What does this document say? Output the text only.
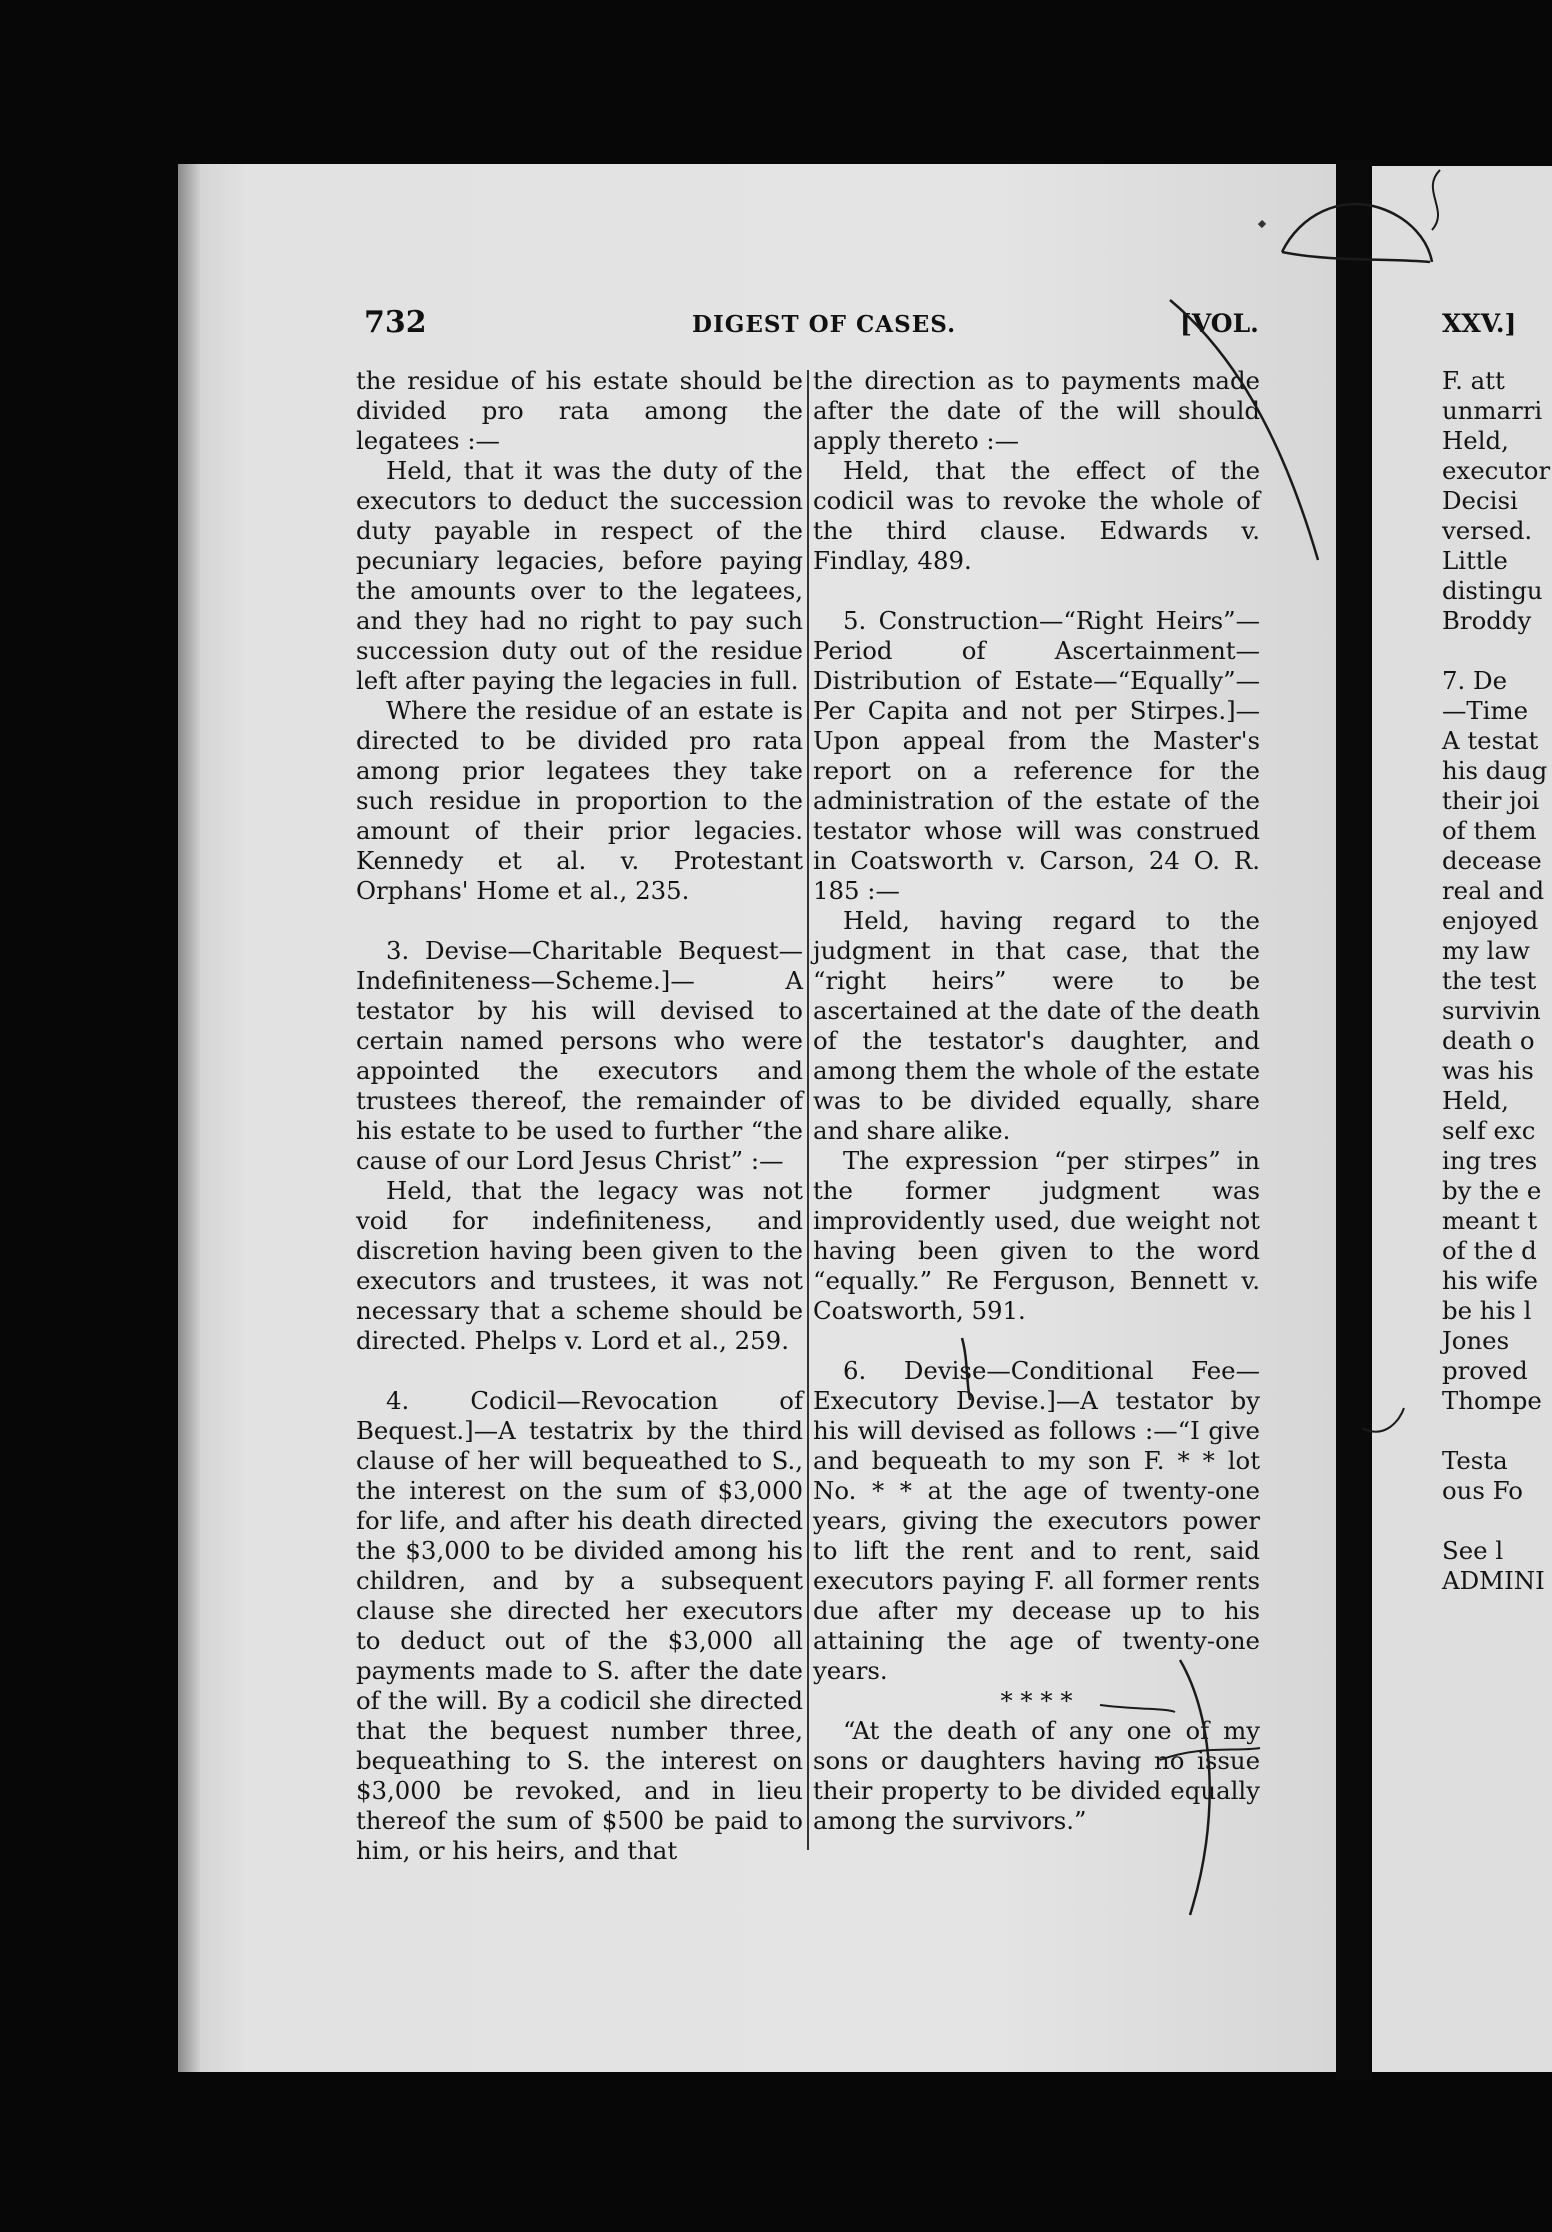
732	DIGEST OF CASES.	[VOL.	XXV.]

the residue of his estate should be divided pro rata among the legatees :—

Held, that it was the duty of the executors to deduct the succession duty payable in respect of the pecuniary legacies, before paying the amounts over to the legatees, and they had no right to pay such succession duty out of the residue left after paying the legacies in full.

Where the residue of an estate is directed to be divided pro rata among prior legatees they take such residue in proportion to the amount of their prior legacies. Kennedy et al. v. Protestant Orphans' Home et al., 235.

3. Devise—Charitable Bequest—Indefiniteness—Scheme.]— A testator by his will devised to certain named persons who were appointed the executors and trustees thereof, the remainder of his estate to be used to further “the cause of our Lord Jesus Christ” :—

Held, that the legacy was not void for indefiniteness, and discretion having been given to the executors and trustees, it was not necessary that a scheme should be directed. Phelps v. Lord et al., 259.

4. Codicil—Revocation of Bequest.]—A testatrix by the third clause of her will bequeathed to S., the interest on the sum of $3,000 for life, and after his death directed the $3,000 to be divided among his children, and by a subsequent clause she directed her executors to deduct out of the $3,000 all payments made to S. after the date of the will. By a codicil she directed that the bequest number three, bequeathing to S. the interest on $3,000 be revoked, and in lieu thereof the sum of $500 be paid to him, or his heirs, and that

the direction as to payments made after the date of the will should apply thereto :—

Held, that the effect of the codicil was to revoke the whole of the third clause. Edwards v. Findlay, 489.

5. Construction—“Right Heirs”—Period of Ascertainment—Distribution of Estate—“Equally”—Per Capita and not per Stirpes.]—Upon appeal from the Master's report on a reference for the administration of the estate of the testator whose will was construed in Coatsworth v. Carson, 24 O. R. 185 :—

Held, having regard to the judgment in that case, that the “right heirs” were to be ascertained at the date of the death of the testator's daughter, and among them the whole of the estate was to be divided equally, share and share alike.

The expression “per stirpes” in the former judgment was improvidently used, due weight not having been given to the word “equally.” Re Ferguson, Bennett v. Coatsworth, 591.

6. Devise—Conditional Fee—Executory Devise.]—A testator by his will devised as follows :—“I give and bequeath to my son F. * * lot No. * * at the age of twenty-one years, giving the executors power to lift the rent and to rent, said executors paying F. all former rents due after my decease up to his attaining the age of twenty-one years.

* * * *

“At the death of any one of my sons or daughters having no issue their property to be divided equally among the survivors.”

F. att
unmarri
Held,
executor
Decisi
versed.
Little
distingu
Broddy
7. De
—Time
A testat
his daug
their joi
of them
decease
real and
enjoyed
my law
the test
survivin
death o
was his
Held,
self exc
ing tres
by the e
meant t
of the d
his wife
be his l
Jones
proved
Thompe
Testa
ous Fo
See l
ADMINI
